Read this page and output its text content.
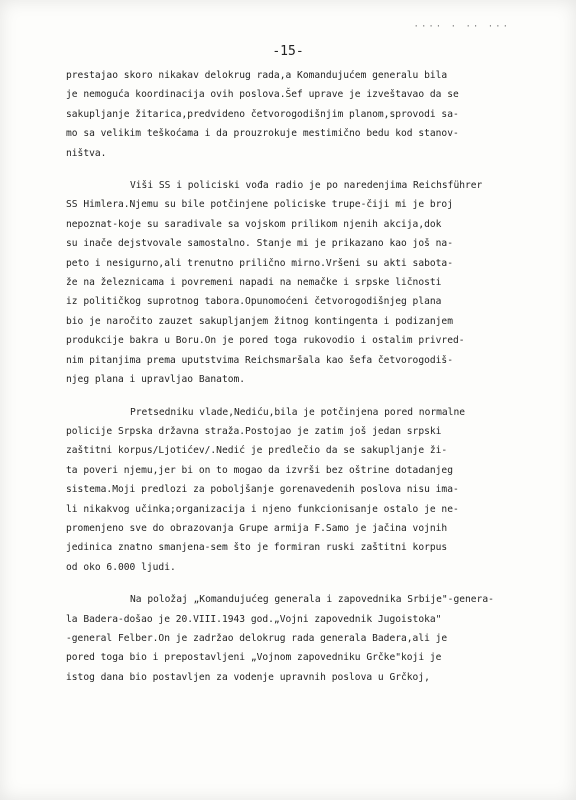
···· · ·· ···
-15-

prestajao skoro nikakav delokrug rada,a Komandujućem generalu bila
je nemoguća koordinacija ovih poslova.Šef uprave je izveštavao da se
sakupljanje žitarica,predvideno četvorogodišnjim planom,sprovodi sa-
mo sa velikim teškoćama i da prouzrokuje mestimično bedu kod stanov-
ništva.

Viši SS i policiski vođa radio je po naredenjima Reichsführer
SS Himlera.Njemu su bile potčinjene policiske trupe-čiji mi je broj
nepoznat-koje su saradivale sa vojskom prilikom njenih akcija,dok
su inače dejstvovale samostalno. Stanje mi je prikazano kao još na-
peto i nesigurno,ali trenutno prilično mirno.Vršeni su akti sabota-
že na železnicama i povremeni napadi na nemačke i srpske ličnosti
iz političkog suprotnog tabora.Opunomoćeni četvorogodišnjeg plana
bio je naročito zauzet sakupljanjem žitnog kontingenta i podizanjem
produkcije bakra u Boru.On je pored toga rukovodio i ostalim privred-
nim pitanjima prema uputstvima Reichsmaršala kao šefa četvorogodiš-
njeg plana i upravljao Banatom.

Pretsedniku vlade,Nediću,bila je potčinjena pored normalne
policije Srpska državna straža.Postojao je zatim još jedan srpski
zaštitni korpus/Ljotićev/.Nedić je predlečio da se sakupljanje ži-
ta poveri njemu,jer bi on to mogao da izvrši bez oštrine dotadanjeg
sistema.Moji predlozi za poboljšanje gorenavedenih poslova nisu ima-
li nikakvog učinka;organizacija i njeno funkcionisanje ostalo je ne-
promenjeno sve do obrazovanja Grupe armija F.Samo je jačina vojnih
jedinica znatno smanjena-sem što je formiran ruski zaštitni korpus
od oko 6.000 ljudi.

Na položaj „Komandujućeg generala i zapovednika Srbije"-genera-
la Badera-došao je 20.VIII.1943 god.„Vojni zapovednik Jugoistoka"
-general Felber.On je zadržao delokrug rada generala Badera,ali je
pored toga bio i prepostavljeni „Vojnom zapovedniku Grčke"koji je
istog dana bio postavljen za vodenje upravnih poslova u Grčkoj,
